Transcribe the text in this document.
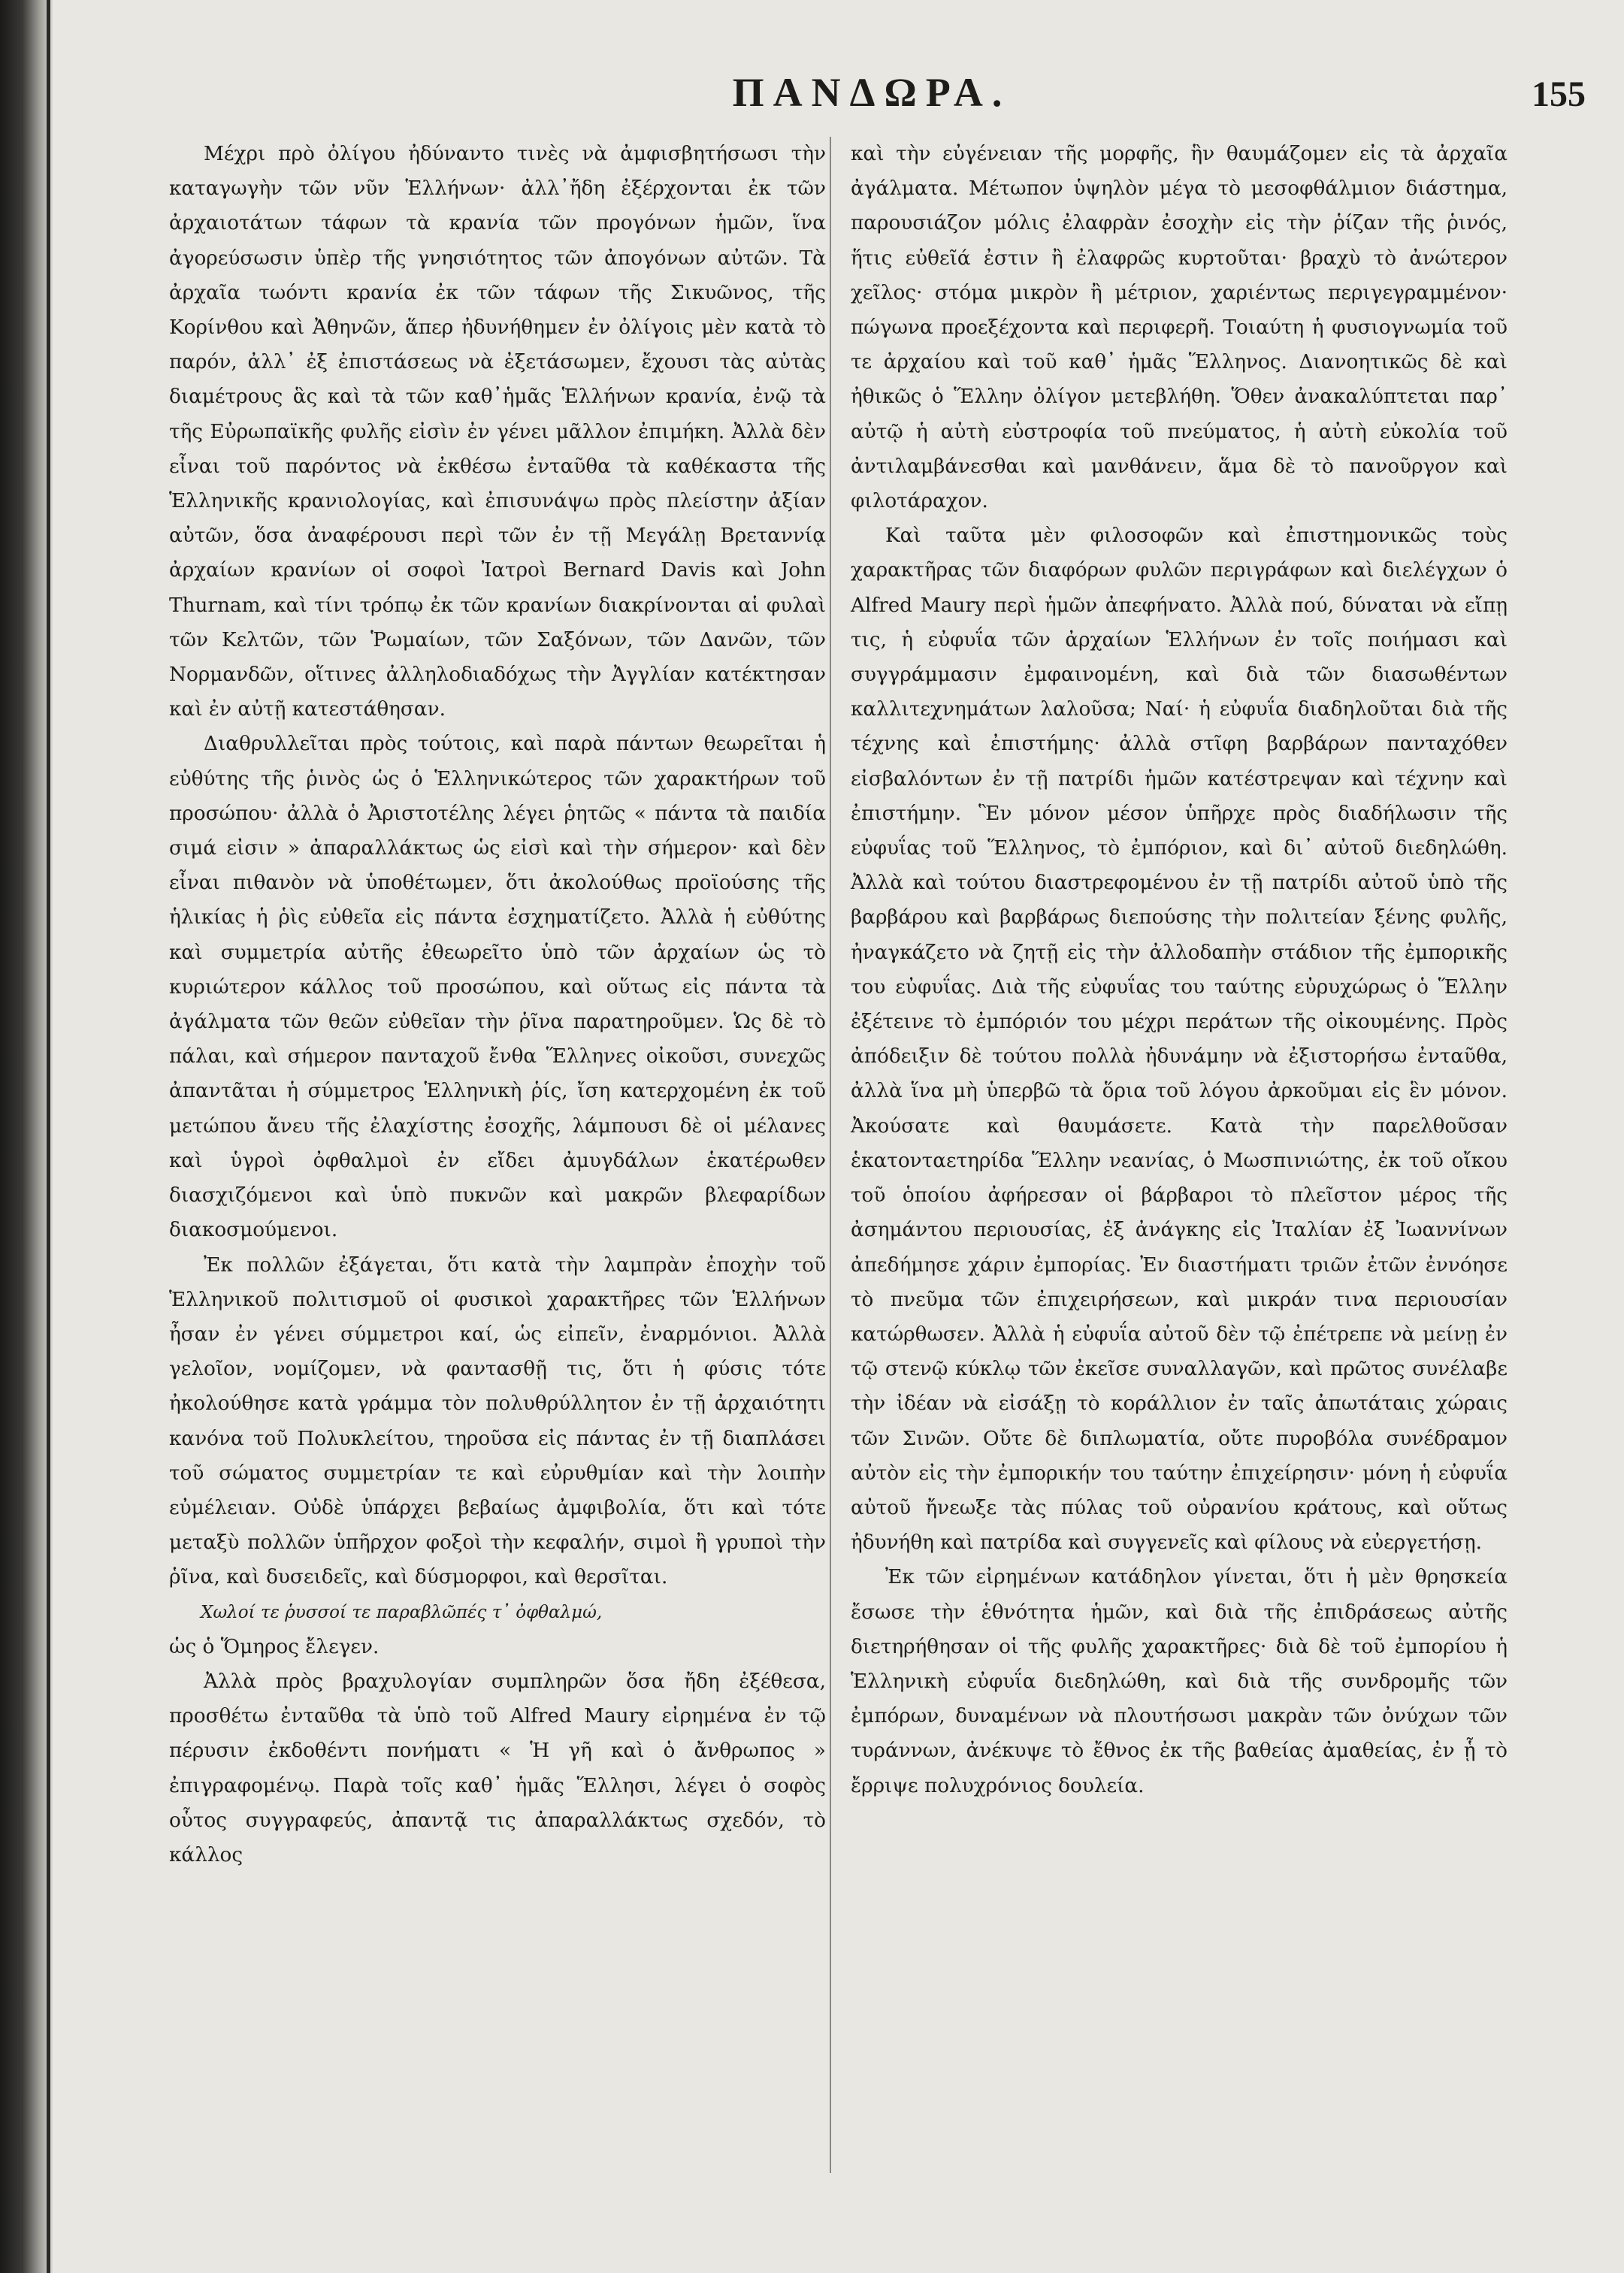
ΠΑΝΔΩΡΑ.	155

Μέχρι πρὸ ὀλίγου ἠδύναντο τινὲς νὰ ἀμφισβητήσωσι τὴν καταγωγὴν τῶν νῦν Ἑλλήνων· ἀλλ᾽ἤδη ἐξέρχονται ἐκ τῶν ἀρχαιοτάτων τάφων τὰ κρανία τῶν προγόνων ἡμῶν, ἵνα ἀγορεύσωσιν ὑπὲρ τῆς γνησιότητος τῶν ἀπογόνων αὐτῶν. Τὰ ἀρχαῖα τωόντι κρανία ἐκ τῶν τάφων τῆς Σικυῶνος, τῆς Κορίνθου καὶ Ἀθηνῶν, ἅπερ ἠδυνήθημεν ἐν ὀλίγοις μὲν κατὰ τὸ παρόν, ἀλλ᾽ ἐξ ἐπιστάσεως νὰ ἐξετάσωμεν, ἔχουσι τὰς αὐτὰς διαμέτρους ἃς καὶ τὰ τῶν καθ᾽ἡμᾶς Ἑλλήνων κρανία, ἐνῷ τὰ τῆς Εὐρωπαϊκῆς φυλῆς εἰσὶν ἐν γένει μᾶλλον ἐπιμήκη. Ἀλλὰ δὲν εἶναι τοῦ παρόντος νὰ ἐκθέσω ἐνταῦθα τὰ καθέκαστα τῆς Ἑλληνικῆς κρανιολογίας, καὶ ἐπισυνάψω πρὸς πλείστην ἀξίαν αὐτῶν, ὅσα ἀναφέρουσι περὶ τῶν ἐν τῇ Μεγάλῃ Βρεταννίᾳ ἀρχαίων κρανίων οἱ σοφοὶ Ἰατροὶ Bernard Davis καὶ John Thurnam, καὶ τίνι τρόπῳ ἐκ τῶν κρανίων διακρίνονται αἱ φυλαὶ τῶν Κελτῶν, τῶν Ῥωμαίων, τῶν Σαξόνων, τῶν Δανῶν, τῶν Νορμανδῶν, οἵτινες ἀλληλοδιαδόχως τὴν Ἀγγλίαν κατέκτησαν καὶ ἐν αὐτῇ κατεστάθησαν.

Διαθρυλλεῖται πρὸς τούτοις, καὶ παρὰ πάντων θεωρεῖται ἡ εὐθύτης τῆς ῥινὸς ὡς ὁ Ἑλληνικώτερος τῶν χαρακτήρων τοῦ προσώπου· ἀλλὰ ὁ Ἀριστοτέλης λέγει ῥητῶς « πάντα τὰ παιδία σιμά εἰσιν » ἀπαραλλάκτως ὡς εἰσὶ καὶ τὴν σήμερον· καὶ δὲν εἶναι πιθανὸν νὰ ὑποθέτωμεν, ὅτι ἀκολούθως προϊούσης τῆς ἡλικίας ἡ ῥὶς εὐθεῖα εἰς πάντα ἐσχηματίζετο. Ἀλλὰ ἡ εὐθύτης καὶ συμμετρία αὐτῆς ἐθεωρεῖτο ὑπὸ τῶν ἀρχαίων ὡς τὸ κυριώτερον κάλλος τοῦ προσώπου, καὶ οὕτως εἰς πάντα τὰ ἀγάλματα τῶν θεῶν εὐθεῖαν τὴν ῥῖνα παρατηροῦμεν. Ὡς δὲ τὸ πάλαι, καὶ σήμερον πανταχοῦ ἔνθα Ἕλληνες οἰκοῦσι, συνεχῶς ἀπαντᾶται ἡ σύμμετρος Ἑλληνικὴ ῥίς, ἴση κατερχομένη ἐκ τοῦ μετώπου ἄνευ τῆς ἐλαχίστης ἐσοχῆς, λάμπουσι δὲ οἱ μέλανες καὶ ὑγροὶ ὀφθαλμοὶ ἐν εἴδει ἀμυγδάλων ἑκατέρωθεν διασχιζόμενοι καὶ ὑπὸ πυκνῶν καὶ μακρῶν βλεφαρίδων διακοσμούμενοι.

Ἐκ πολλῶν ἐξάγεται, ὅτι κατὰ τὴν λαμπρὰν ἐποχὴν τοῦ Ἑλληνικοῦ πολιτισμοῦ οἱ φυσικοὶ χαρακτῆρες τῶν Ἑλλήνων ἦσαν ἐν γένει σύμμετροι καί, ὡς εἰπεῖν, ἐναρμόνιοι. Ἀλλὰ γελοῖον, νομίζομεν, νὰ φαντασθῇ τις, ὅτι ἡ φύσις τότε ἠκολούθησε κατὰ γράμμα τὸν πολυθρύλλητον ἐν τῇ ἀρχαιότητι κανόνα τοῦ Πολυκλείτου, τηροῦσα εἰς πάντας ἐν τῇ διαπλάσει τοῦ σώματος συμμετρίαν τε καὶ εὐρυθμίαν καὶ τὴν λοιπὴν εὐμέλειαν. Οὐδὲ ὑπάρχει βεβαίως ἀμφιβολία, ὅτι καὶ τότε μεταξὺ πολλῶν ὑπῆρχον φοξοὶ τὴν κεφαλήν, σιμοὶ ἢ γρυποὶ τὴν ῥῖνα, καὶ δυσειδεῖς, καὶ δύσμορφοι, καὶ θερσῖται.

Χωλοί τε ῥυσσοί τε παραβλῶπές τ᾽ ὀφθαλμώ,

ὡς ὁ Ὅμηρος ἔλεγεν.

Ἀλλὰ πρὸς βραχυλογίαν συμπληρῶν ὅσα ἤδη ἐξέθεσα, προσθέτω ἐνταῦθα τὰ ὑπὸ τοῦ Alfred Maury εἰρημένα ἐν τῷ πέρυσιν ἐκδοθέντι πονήματι « Ἡ γῆ καὶ ὁ ἄνθρωπος » ἐπιγραφομένῳ. Παρὰ τοῖς καθ᾽ ἡμᾶς Ἕλλησι, λέγει ὁ σοφὸς οὗτος συγγραφεύς, ἀπαντᾷ τις ἀπαραλλάκτως σχεδόν, τὸ κάλλος

καὶ τὴν εὐγένειαν τῆς μορφῆς, ἣν θαυμάζομεν εἰς τὰ ἀρχαῖα ἀγάλματα. Μέτωπον ὑψηλὸν μέγα τὸ μεσοφθάλμιον διάστημα, παρουσιάζον μόλις ἐλαφρὰν ἐσοχὴν εἰς τὴν ῥίζαν τῆς ῥινός, ἥτις εὐθεῖά ἐστιν ἢ ἐλαφρῶς κυρτοῦται· βραχὺ τὸ ἀνώτερον χεῖλος· στόμα μικρὸν ἢ μέτριον, χαριέντως περιγεγραμμένον· πώγωνα προεξέχοντα καὶ περιφερῆ. Τοιαύτη ἡ φυσιογνωμία τοῦ τε ἀρχαίου καὶ τοῦ καθ᾽ ἡμᾶς Ἕλληνος. Διανοητικῶς δὲ καὶ ἠθικῶς ὁ Ἕλλην ὀλίγον μετεβλήθη. Ὅθεν ἀνακαλύπτεται παρ᾽ αὐτῷ ἡ αὐτὴ εὐστροφία τοῦ πνεύματος, ἡ αὐτὴ εὐκολία τοῦ ἀντιλαμβάνεσθαι καὶ μανθάνειν, ἅμα δὲ τὸ πανοῦργον καὶ φιλοτάραχον.

Καὶ ταῦτα μὲν φιλοσοφῶν καὶ ἐπιστημονικῶς τοὺς χαρακτῆρας τῶν διαφόρων φυλῶν περιγράφων καὶ διελέγχων ὁ Alfred Maury περὶ ἡμῶν ἀπεφήνατο. Ἀλλὰ πού, δύναται νὰ εἴπῃ τις, ἡ εὐφυΐα τῶν ἀρχαίων Ἑλλήνων ἐν τοῖς ποιήμασι καὶ συγγράμμασιν ἐμφαινομένη, καὶ διὰ τῶν διασωθέντων καλλιτεχνημάτων λαλοῦσα; Ναί· ἡ εὐφυΐα διαδηλοῦται διὰ τῆς τέχνης καὶ ἐπιστήμης· ἀλλὰ στῖφη βαρβάρων πανταχόθεν εἰσβαλόντων ἐν τῇ πατρίδι ἡμῶν κατέστρεψαν καὶ τέχνην καὶ ἐπιστήμην. Ἓν μόνον μέσον ὑπῆρχε πρὸς διαδήλωσιν τῆς εὐφυΐας τοῦ Ἕλληνος, τὸ ἐμπόριον, καὶ δι᾽ αὐτοῦ διεδηλώθη. Ἀλλὰ καὶ τούτου διαστρεφομένου ἐν τῇ πατρίδι αὐτοῦ ὑπὸ τῆς βαρβάρου καὶ βαρβάρως διεπούσης τὴν πολιτείαν ξένης φυλῆς, ἠναγκάζετο νὰ ζητῇ εἰς τὴν ἀλλοδαπὴν στάδιον τῆς ἐμπορικῆς του εὐφυΐας. Διὰ τῆς εὐφυΐας του ταύτης εὐρυχώρως ὁ Ἕλλην ἐξέτεινε τὸ ἐμπόριόν του μέχρι περάτων τῆς οἰκουμένης. Πρὸς ἀπόδειξιν δὲ τούτου πολλὰ ἠδυνάμην νὰ ἐξιστορήσω ἐνταῦθα, ἀλλὰ ἵνα μὴ ὑπερβῶ τὰ ὅρια τοῦ λόγου ἀρκοῦμαι εἰς ἓν μόνον. Ἀκούσατε καὶ θαυμάσετε. Κατὰ τὴν παρελθοῦσαν ἑκατονταετηρίδα Ἕλλην νεανίας, ὁ Μωσπινιώτης, ἐκ τοῦ οἴκου τοῦ ὁποίου ἀφήρεσαν οἱ βάρβαροι τὸ πλεῖστον μέρος τῆς ἀσημάντου περιουσίας, ἐξ ἀνάγκης εἰς Ἰταλίαν ἐξ Ἰωαννίνων ἀπεδήμησε χάριν ἐμπορίας. Ἐν διαστήματι τριῶν ἐτῶν ἐννόησε τὸ πνεῦμα τῶν ἐπιχειρήσεων, καὶ μικράν τινα περιουσίαν κατώρθωσεν. Ἀλλὰ ἡ εὐφυΐα αὐτοῦ δὲν τῷ ἐπέτρεπε νὰ μείνῃ ἐν τῷ στενῷ κύκλῳ τῶν ἐκεῖσε συναλλαγῶν, καὶ πρῶτος συνέλαβε τὴν ἰδέαν νὰ εἰσάξῃ τὸ κοράλλιον ἐν ταῖς ἀπωτάταις χώραις τῶν Σινῶν. Οὔτε δὲ διπλωματία, οὔτε πυροβόλα συνέδραμον αὐτὸν εἰς τὴν ἐμπορικήν του ταύτην ἐπιχείρησιν· μόνη ἡ εὐφυΐα αὐτοῦ ἤνεωξε τὰς πύλας τοῦ οὐρανίου κράτους, καὶ οὕτως ἠδυνήθη καὶ πατρίδα καὶ συγγενεῖς καὶ φίλους νὰ εὐεργετήσῃ.

Ἐκ τῶν εἰρημένων κατάδηλον γίνεται, ὅτι ἡ μὲν θρησκεία ἔσωσε τὴν ἑθνότητα ἡμῶν, καὶ διὰ τῆς ἐπιδράσεως αὐτῆς διετηρήθησαν οἱ τῆς φυλῆς χαρακτῆρες· διὰ δὲ τοῦ ἐμπορίου ἡ Ἑλληνικὴ εὐφυΐα διεδηλώθη, καὶ διὰ τῆς συνδρομῆς τῶν ἐμπόρων, δυναμένων νὰ πλουτήσωσι μακρὰν τῶν ὀνύχων τῶν τυράννων, ἀνέκυψε τὸ ἔθνος ἐκ τῆς βαθείας ἀμαθείας, ἐν ᾗ τὸ ἔρριψε πολυχρόνιος δουλεία.
